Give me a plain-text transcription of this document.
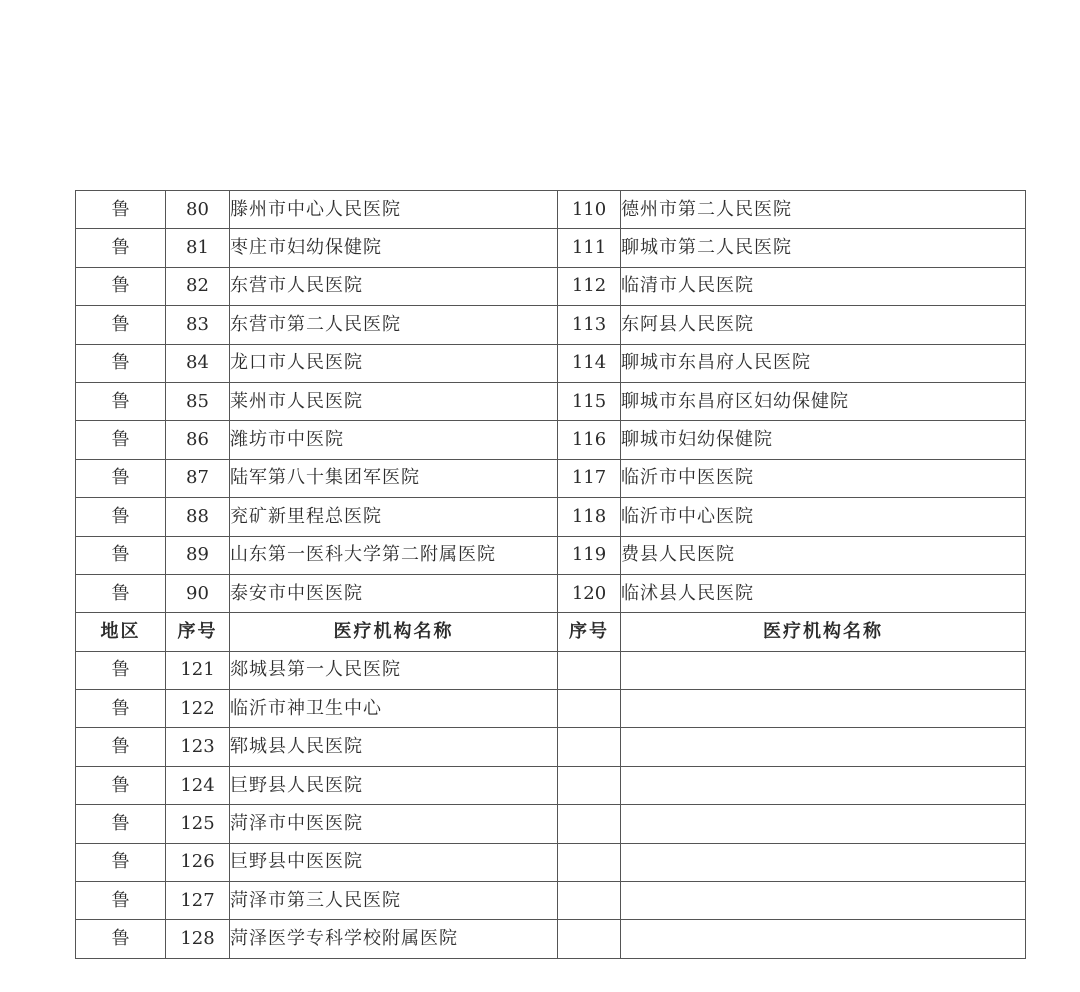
鲁	80	滕州市中心人民医院	110	德州市第二人民医院
鲁	81	枣庄市妇幼保健院	111	聊城市第二人民医院
鲁	82	东营市人民医院	112	临清市人民医院
鲁	83	东营市第二人民医院	113	东阿县人民医院
鲁	84	龙口市人民医院	114	聊城市东昌府人民医院
鲁	85	莱州市人民医院	115	聊城市东昌府区妇幼保健院
鲁	86	潍坊市中医院	116	聊城市妇幼保健院
鲁	87	陆军第八十集团军医院	117	临沂市中医医院
鲁	88	兖矿新里程总医院	118	临沂市中心医院
鲁	89	山东第一医科大学第二附属医院	119	费县人民医院
鲁	90	泰安市中医医院	120	临沭县人民医院
地区	序号	医疗机构名称	序号	医疗机构名称
鲁	121	郯城县第一人民医院		
鲁	122	临沂市神卫生中心		
鲁	123	郓城县人民医院		
鲁	124	巨野县人民医院		
鲁	125	菏泽市中医医院		
鲁	126	巨野县中医医院		
鲁	127	菏泽市第三人民医院		
鲁	128	菏泽医学专科学校附属医院		
